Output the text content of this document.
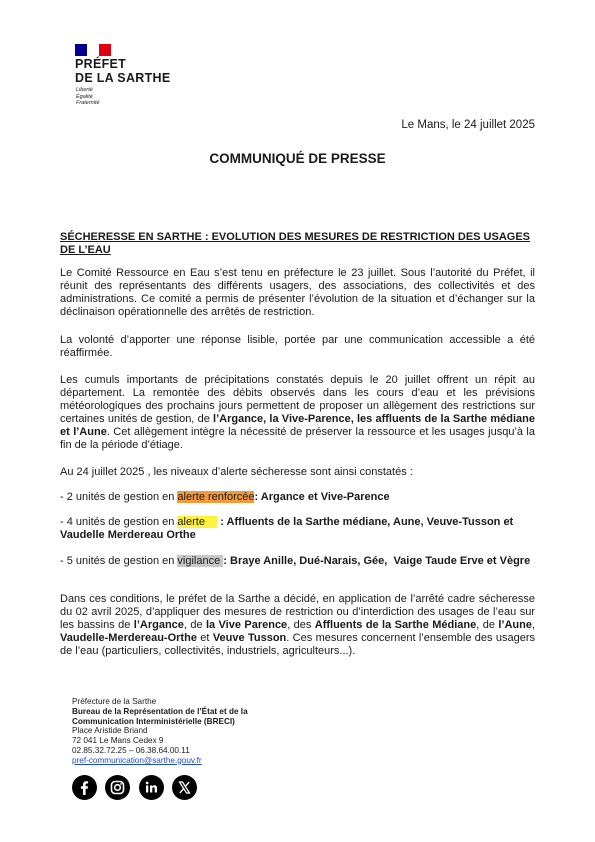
PRÉFET
DE LA SARTHE
Liberté
Égalité
Fraternité
Le Mans, le 24 juillet 2025
COMMUNIQUÉ DE PRESSE
SÉCHERESSE EN SARTHE : EVOLUTION DES MESURES DE RESTRICTION DES USAGES DE L’EAU
Le Comité Ressource en Eau s’est tenu en préfecture le 23 juillet. Sous l’autorité du Préfet, il réunit des représentants des différents usagers, des associations, des collectivités et des administrations. Ce comité a permis de présenter l’évolution de la situation et d’échanger sur la déclinaison opérationnelle des arrêtés de restriction.
La volonté d’apporter une réponse lisible, portée par une communication accessible a été réaffirmée.
Les cumuls importants de précipitations constatés depuis le 20 juillet offrent un répit au département. La remontée des débits observés dans les cours d’eau et les prévisions météorologiques des prochains jours permettent de proposer un allègement des restrictions sur certaines unités de gestion, de l’Argance, la Vive-Parence, les affluents de la Sarthe médiane et l’Aune. Cet allègement intègre la nécessité de préserver la ressource et les usages jusqu’à la fin de la période d’étiage.
Au 24 juillet 2025 , les niveaux d’alerte sécheresse sont ainsi constatés :
- 2 unités de gestion en alerte renforcée: Argance et Vive-Parence
- 4 unités de gestion en alerte     : Affluents de la Sarthe médiane, Aune, Veuve-Tusson et Vaudelle Merdereau Orthe
- 5 unités de gestion en vigilance : Braye Anille, Dué-Narais, Gée,  Vaige Taude Erve et Vègre
Dans ces conditions, le préfet de la Sarthe a décidé, en application de l’arrêté cadre sécheresse du 02 avril 2025, d’appliquer des mesures de restriction ou d’interdiction des usages de l’eau sur les bassins de l’Argance, de la Vive Parence, des Affluents de la Sarthe Médiane, de l’Aune, Vaudelle-Merdereau-Orthe et Veuve Tusson. Ces mesures concernent l’ensemble des usagers de l’eau (particuliers, collectivités, industriels, agriculteurs...).
Préfecture de la Sarthe
Bureau de la Représentation de l’État et de la
Communication Interministérielle (BRECI)
Place Aristide Briand
72 041 Le Mans Cedex 9
02.85.32.72.25 – 06.38.64.00.11
pref-communication@sarthe.gouv.fr
